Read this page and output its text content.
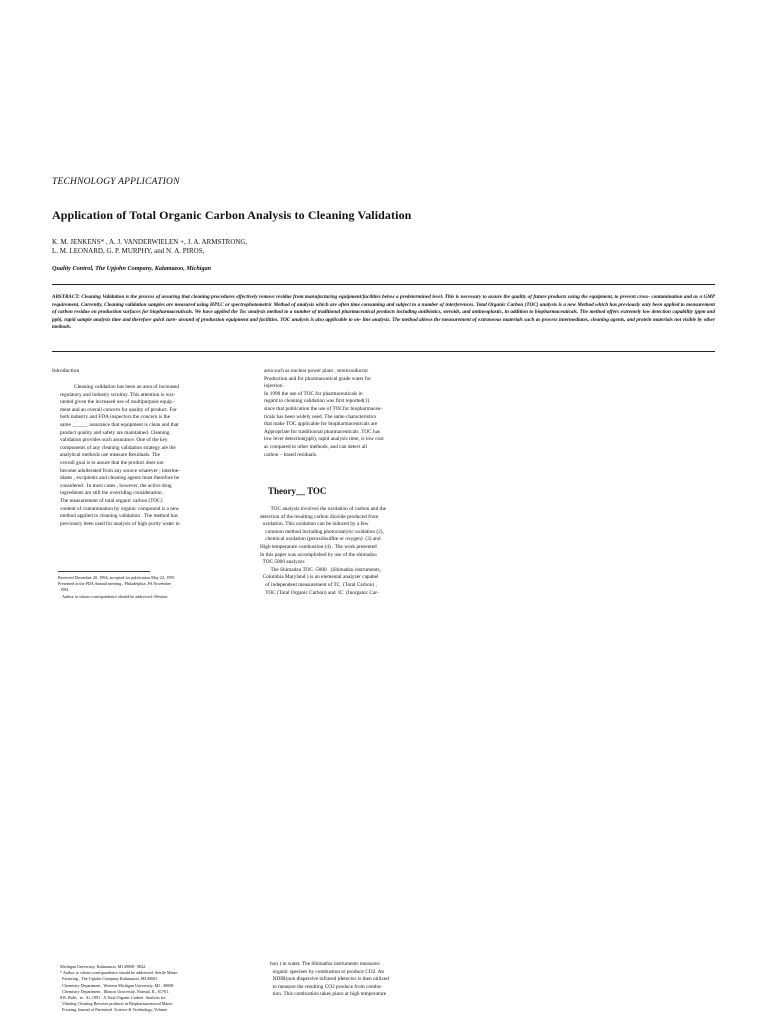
TECHNOLOGY APPLICATION
Application of Total Organic Carbon Analysis to Cleaning Validation
K. M. JENKENS* , A. J. VANDERWIELEN +, J. A. ARMSTRONG,
L. M. LEONARD, G. P. MURPHY, and N. A. PIROS,
Quality Control, The Upjohn Company, Kalamazoo, Michigan
ABSTRACT: Cleaning Validation is the process of assuring that cleaning procedures effectively remove residue from manufacturing equipment/facilities below a predetermined level. This is necessary to assure the quality of future products using the equipment, to prevent cross- contamination and as a GMP requirement. Currently, Cleaning validation samples are measured using HPLC or spectrophotometric Method of analysis which are often time consuming and subject to a number of interferences. Total Organic Carbon (TOC) analysis is a new Method which has previously only been applied to measurement of carbon residue on production surfaces for biopharmaceuticals. We have applied the Toc analysis method to a number of traditional pharmaceutical products including antibiotics, steroids, and antineoplastic, in addition to biopharmaceuticals. The method offers extremely low detection capability (ppm and ppb), rapid sample analysis time and therefore quick turn- around of production equipment and facilities. TOC analysis is also applicable to on- line analysis. The method allows the measurement of extraneous materials such as process intermediates, cleaning agents, and protein materials not visible by other methods.
Introduction

Cleaning validation has been an area of increased

regulatory and industry scrutiny. This attention is war-

ranted given the increased use of multipurpose equip -

ment and an overall concern for quality of product. For

both industry and FDA inspectors the concern is the

same ______ assurance that equipment is clean and that

product quality and safety are maintained. Cleaning

validation provides such assurance. One of the key

components of any cleaning validation strategy are the

analytical methods use measure Residuals. The

overall goal is to assure that the product does not

become adulterated from any source whatever ; interme-

diates , excipients and cleaning agents must therefore be

considered . In most cases , however, the active drug

ingredients are still the overriding consideration .

The measurement of total organic carbon (TOC)

content of contamination by organic compound is a new

method applied to cleaning validation . The method has

previously been used for analysis of high purity water in

area such as nuclear power plant , semiconductor

Production and for pharmaceutical grade water for

injection .

In 1990 the use of TOC for pharmaceuticals in

regard to cleaning validation was first reported(1).

since that publication the use of TOCfor biopharmaceu-

ticals has been widely used. The same characteristics

that make TOC applicable for biopharmaceuticals are

Appropriate for traditioonal pharmaceuticals .TOC has

low level detection(ppb), rapid analysis time, is low cost

as compared to other methods, and can detect all

carbon – based residuals.

Theory__ TOC

TOC analysis involves the oxidation of carbon and the

detection of the resulting carbon dioxide produced from

oxidation. This oxidation can be induced by a few

common method including photocatalytic oxidation (2),

chemical oxidation (peroxdisulfite or oxygen)  (3) and

High temperature combustion (4) . The work presented

In this paper was accomplished by use of the shimadzu

TOC 5000 analyzer.

The Shimadzu TOC -5000   (Shimadzu instruments,

Columbia Maryland ) is an elemental analyzer capabel

of independent measurement of TC  (Total Carbon) ,

TOC (Total Organic Carbon) and  IC  (Inorganic Car-

Received December 20, 1994, accepted for publication May 22, 1995
Presented at the PDA Annual meeting , Philadelphia, PA November
1994
Author to whom correspondence should be addressed: Western
Michigan University, Kalamazoo, MI 49008 -3842.
* Author to whom correspondence should be addressed: Sterile Manu-
Facturing , The Upjohn Company Kalamazoo, MI,49001.
Chemistry Department , Western Michigan University, MI , 49008
Chemistry Department , Illonois University, Normal, IL, 61761.
$ R. Baffi,  et.  Al.,1991 . A Total Organic Carbon  Analysis for
Vidating Cleaning Between products in Biopharmaceutical Manu-
Fcturing Journal of Parenteral  Science & Technology, Volume
bon ) in water. The Shimadzu instruments measures
organic speciees by combustion to produce CO2. An
NDIR(non dispersive infrared )detector is then utilized
to measure the resulting CO2 produce from combu-
tion. This combustion takes place at high temperature
